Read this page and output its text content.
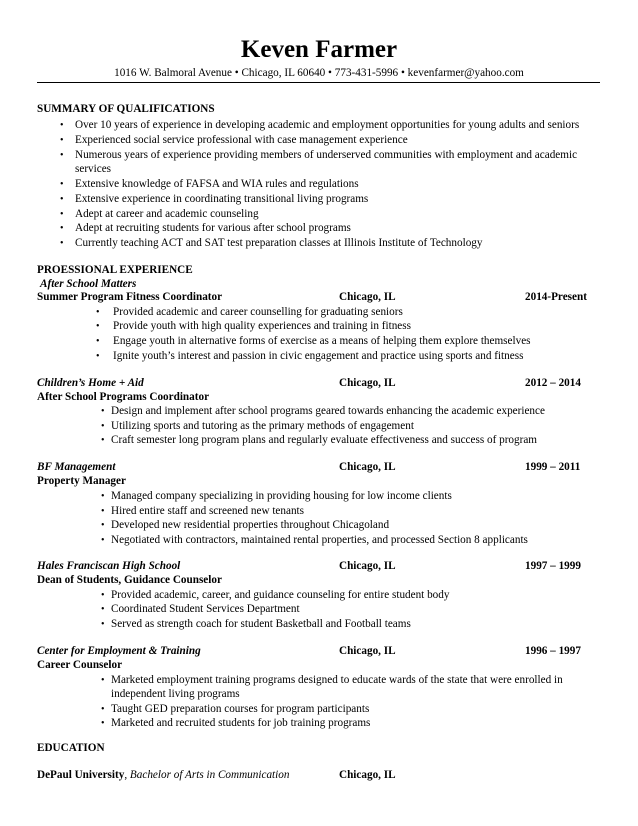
Keven Farmer
1016 W. Balmoral Avenue • Chicago, IL 60640 • 773-431-5996 • kevenfarmer@yahoo.com
SUMMARY OF QUALIFICATIONS
• Over 10 years of experience in developing academic and employment opportunities for young adults and seniors
• Experienced social service professional with case management experience
• Numerous years of experience providing members of underserved communities with employment and academic
services
• Extensive knowledge of FAFSA and WIA rules and regulations
• Extensive experience in coordinating transitional living programs
• Adept at career and academic counseling
• Adept at recruiting students for various after school programs
• Currently teaching ACT and SAT test preparation classes at Illinois Institute of Technology
PROESSIONAL EXPERIENCE
After School Matters
Summer Program Fitness Coordinator	Chicago, IL	2014-Present
• Provided academic and career counselling for graduating seniors
• Provide youth with high quality experiences and training in fitness
• Engage youth in alternative forms of exercise as a means of helping them explore themselves
• Ignite youth’s interest and passion in civic engagement and practice using sports and fitness
Children’s Home + Aid	Chicago, IL	2012 – 2014
After School Programs Coordinator
• Design and implement after school programs geared towards enhancing the academic experience
• Utilizing sports and tutoring as the primary methods of engagement
• Craft semester long program plans and regularly evaluate effectiveness and success of program
BF Management	Chicago, IL	1999 – 2011
Property Manager
• Managed company specializing in providing housing for low income clients
• Hired entire staff and screened new tenants
• Developed new residential properties throughout Chicagoland
• Negotiated with contractors, maintained rental properties, and processed Section 8 applicants
Hales Franciscan High School	Chicago, IL	1997 – 1999
Dean of Students, Guidance Counselor
• Provided academic, career, and guidance counseling for entire student body
• Coordinated Student Services Department
• Served as strength coach for student Basketball and Football teams
Center for Employment & Training	Chicago, IL	1996 – 1997
Career Counselor
• Marketed employment training programs designed to educate wards of the state that were enrolled in
independent living programs
• Taught GED preparation courses for program participants
• Marketed and recruited students for job training programs
EDUCATION
DePaul University, Bachelor of Arts in Communication	Chicago, IL
